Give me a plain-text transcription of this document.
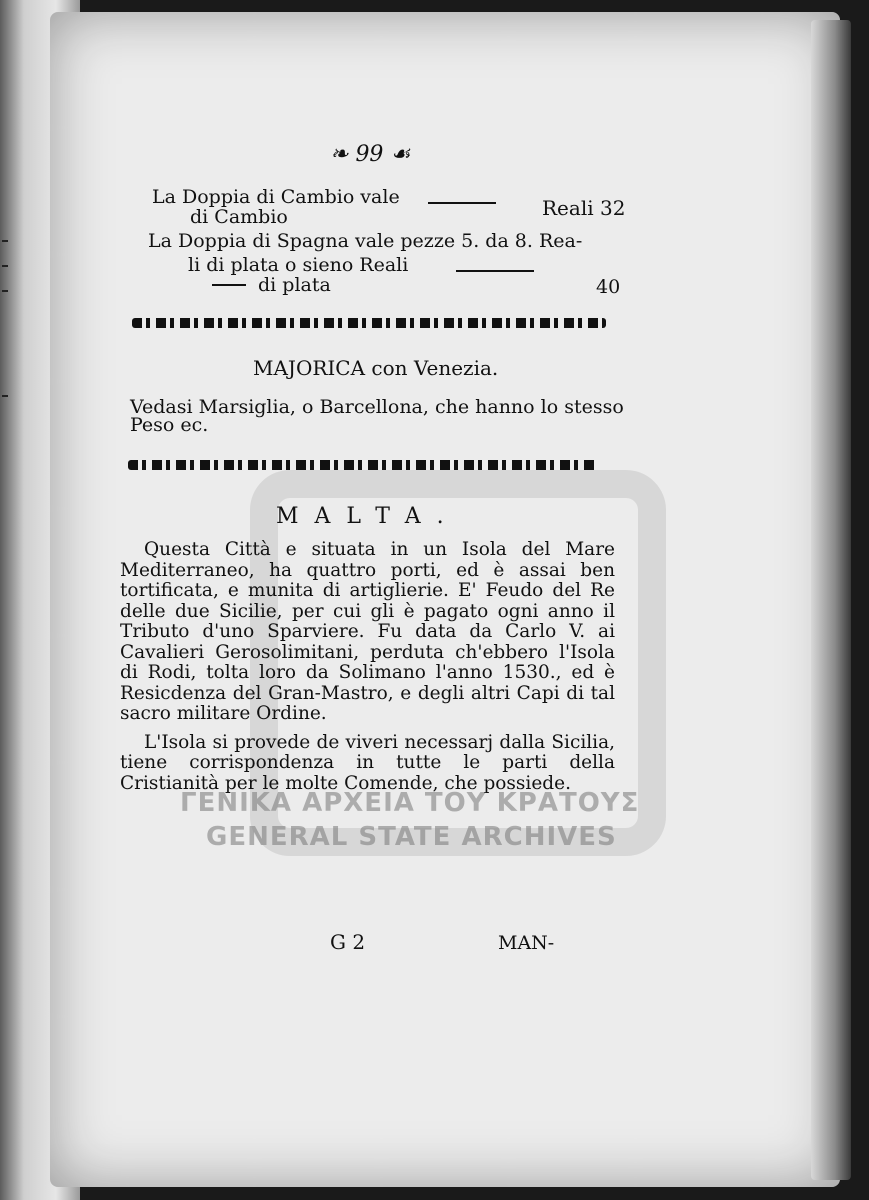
❧ 99 ☙
La Doppia di Cambio vale	Reali 32
di Cambio
La Doppia di Spagna vale pezze 5. da 8. Rea-
li di plata o sieno Reali
di plata	40
MAJORICA con Venezia.
Vedasi Marsiglia, o Barcellona, che hanno lo stesso
Peso ec.
MALTA.

Questa Città e situata in un Isola del Mare Mediterraneo, ha quattro porti, ed è assai ben tortificata, e munita di artiglierie. E' Feudo del Re delle due Sicilie, per cui gli è pagato ogni anno il Tributo d'uno Sparviere. Fu data da Carlo V. ai Cavalieri Gerosolimitani, perduta ch'ebbero l'Isola di Rodi, tolta loro da Solimano l'anno 1530., ed è Resicdenza del Gran-Mastro, e degli altri Capi di tal sacro militare Ordine.

L'Isola si provede de viveri necessarj dalla Sicilia, tiene corrispondenza in tutte le parti della Cristianità per le molte Comende, che possiede.

ΓΕΝΙΚΑ ΑΡΧΕΙΑ ΤΟΥ ΚΡΑΤΟΥΣ
GENERAL STATE ARCHIVES
G 2	MAN-
